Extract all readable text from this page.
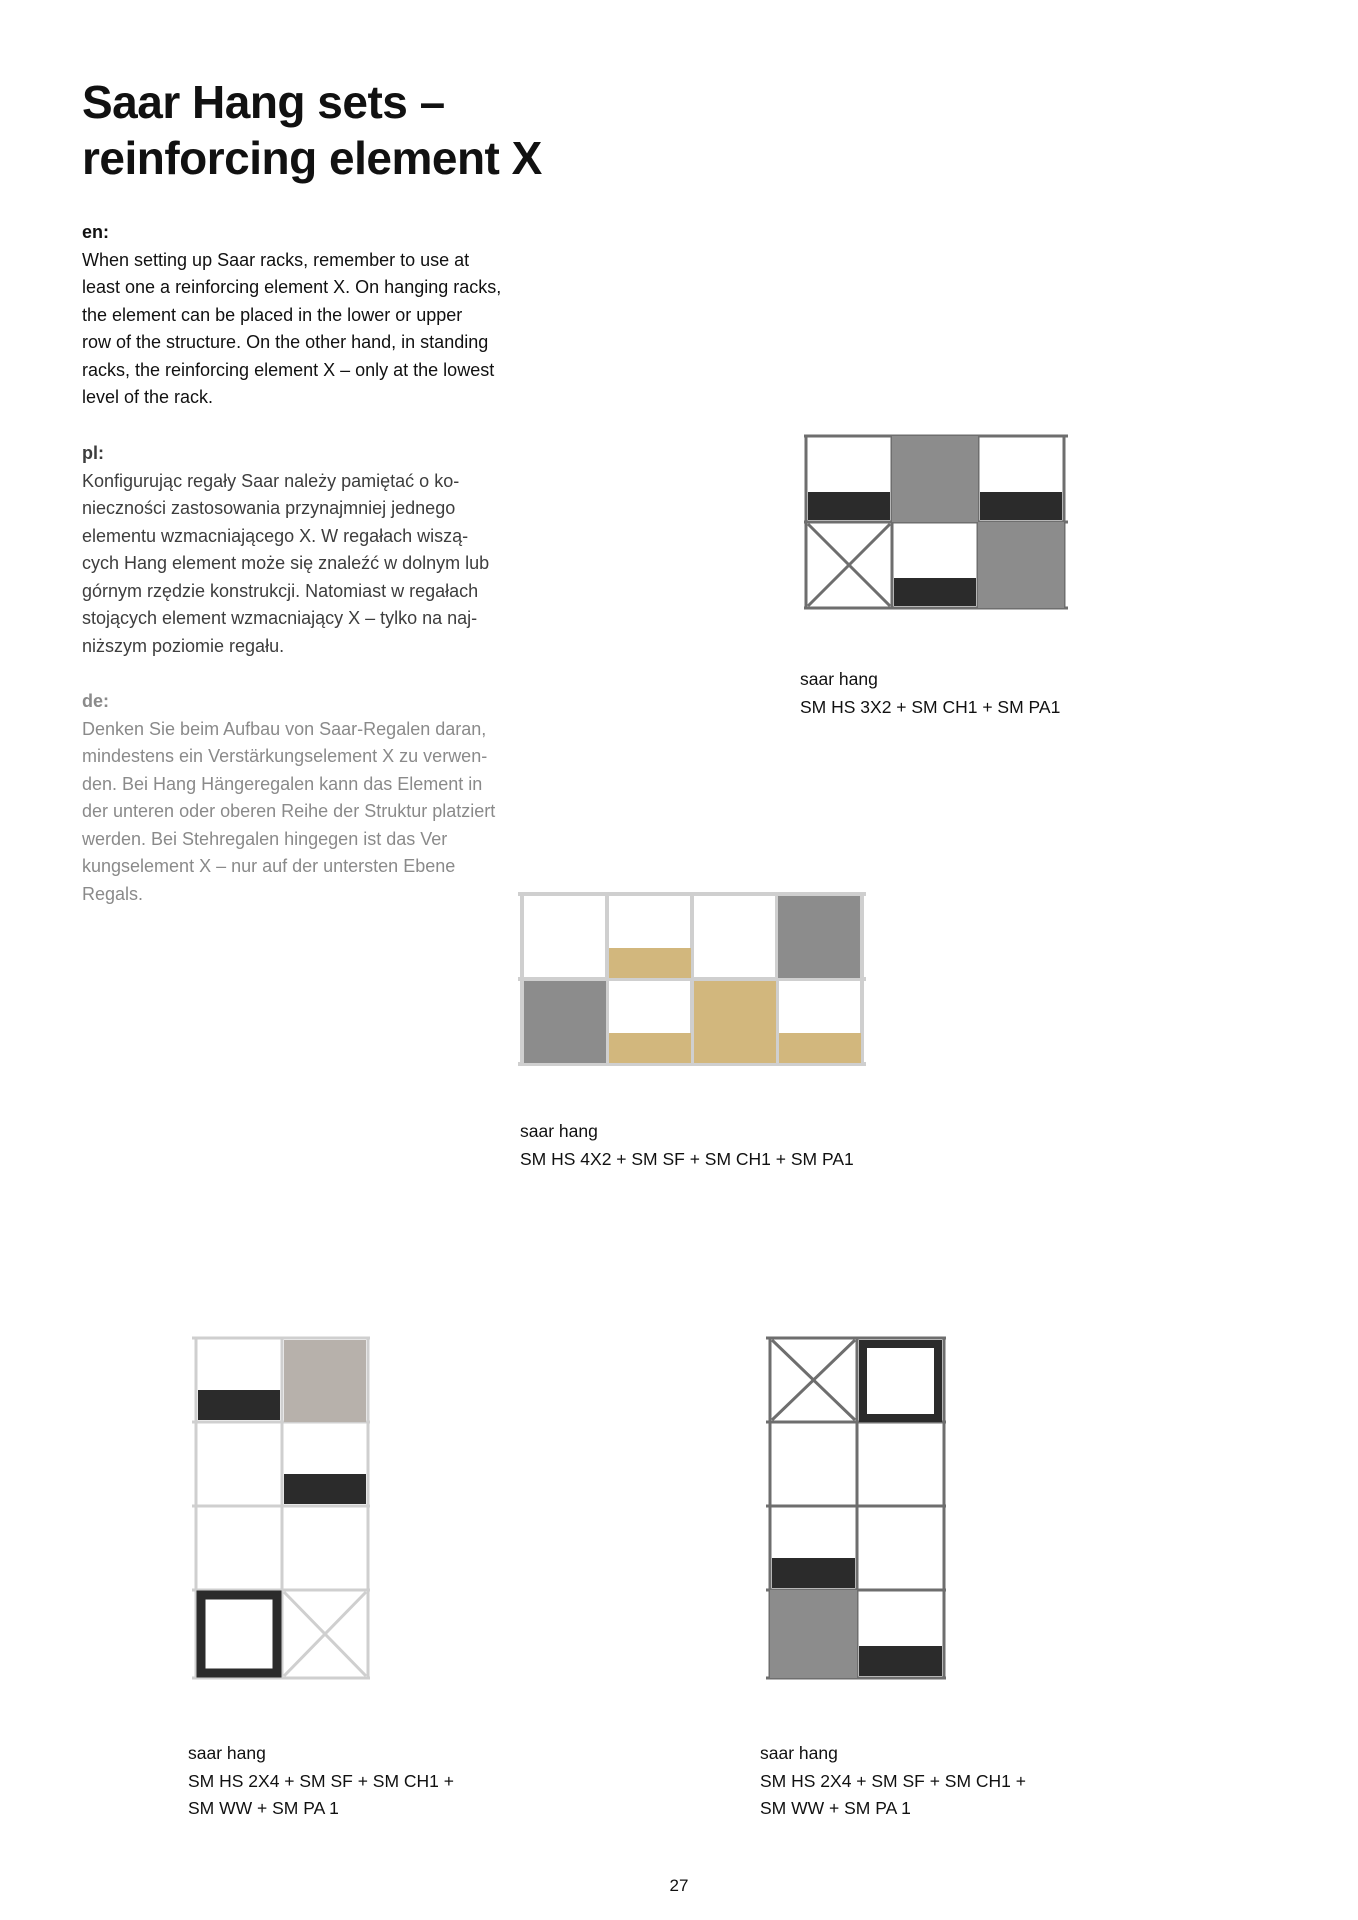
Saar Hang sets –
reinforcing element X
en:

When setting up Saar racks, remember to use at

least one a reinforcing element X. On hanging racks,

the element can be placed in the lower or upper

row of the structure. On the other hand, in standing

racks, the reinforcing element X – only at the lowest

level of the rack.

pl:

Konfigurując regały Saar należy pamiętać o ko-

nieczności zastosowania przynajmniej jednego

elementu wzmacniającego X. W regałach wiszą-

cych Hang element może się znaleźć w dolnym lub

górnym rzędzie konstrukcji. Natomiast w regałach

stojących element wzmacniający X – tylko na naj-

niższym poziomie regału.

de:

Denken Sie beim Aufbau von Saar-Regalen daran,

mindestens ein Verstärkungselement X zu verwen-

den. Bei Hang Hängeregalen kann das Element in

der unteren oder oberen Reihe der Struktur platziert

werden. Bei Stehregalen hingegen ist das Ver

kungselement X – nur auf der untersten Ebene

Regals.

saar hang
SM HS 3X2 + SM CH1 + SM PA1
saar hang
SM HS 4X2 + SM SF + SM CH1 + SM PA1
saar hang
SM HS 2X4 + SM SF + SM CH1 +
SM WW + SM PA 1
saar hang
SM HS 2X4 + SM SF + SM CH1 +
SM WW + SM PA 1
27
